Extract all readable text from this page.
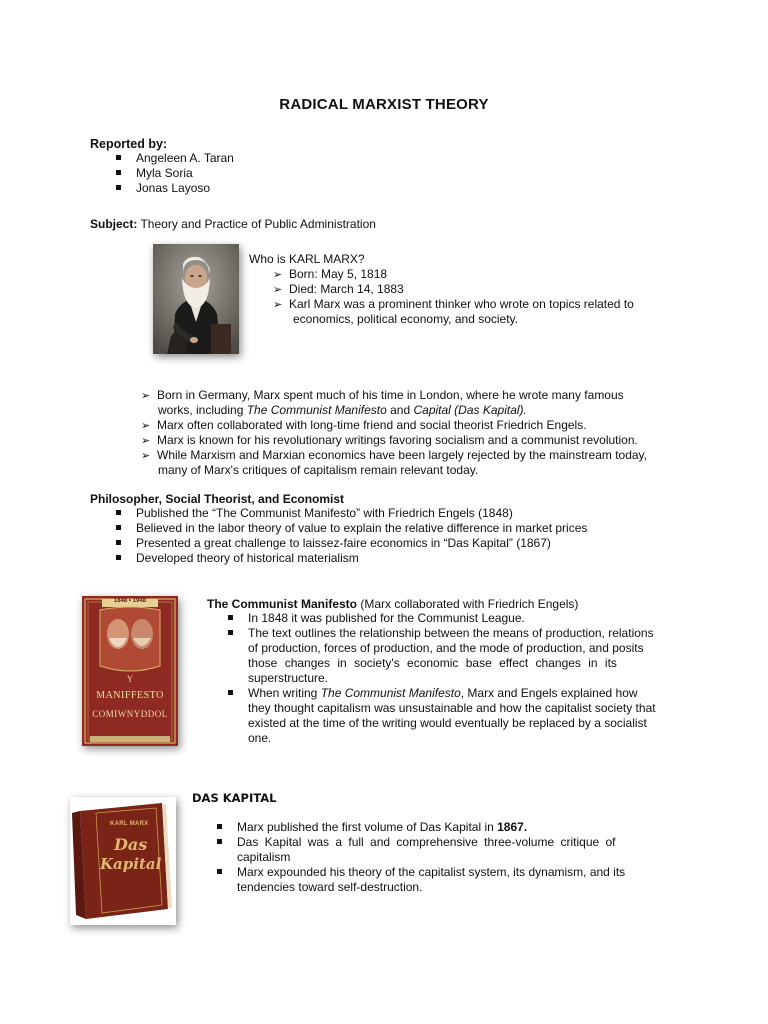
RADICAL MARXIST THEORY
Reported by:
Angeleen A. Taran
Myla Soria
Jonas Layoso
Subject: Theory and Practice of Public Administration
Who is KARL MARX?
➢ Born: May 5, 1818
➢ Died: March 14, 1883
➢ Karl Marx was a prominent thinker who wrote on topics related to
economics, political economy, and society.
➢ Born in Germany, Marx spent much of his time in London, where he wrote many famous
works, including The Communist Manifesto and Capital (Das Kapital).
➢ Marx often collaborated with long-time friend and social theorist Friedrich Engels.
➢ Marx is known for his revolutionary writings favoring socialism and a communist revolution.
➢ While Marxism and Marxian economics have been largely rejected by the mainstream today,
many of Marx's critiques of capitalism remain relevant today.
Philosopher, Social Theorist, and Economist
Published the “The Communist Manifesto” with Friedrich Engels (1848)
Believed in the labor theory of value to explain the relative difference in market prices
Presented a great challenge to laissez-faire economics in “Das Kapital” (1867)
Developed theory of historical materialism
1848 • 1948
Y
MANIFFESTO
COMIWNYDDOL
The Communist Manifesto (Marx collaborated with Friedrich Engels)
In 1848 it was published for the Communist League.
The text outlines the relationship between the means of production, relations
of production, forces of production, and the mode of production, and posits
those changes in society's economic base effect changes in its
superstructure.
When writing The Communist Manifesto, Marx and Engels explained how
they thought capitalism was unsustainable and how the capitalist society that
existed at the time of the writing would eventually be replaced by a socialist
one.
KARL MARX
Das
Kapital
DAS KAPITAL
Marx published the first volume of Das Kapital in 1867.
Das Kapital was a full and comprehensive three-volume critique of
capitalism
Marx expounded his theory of the capitalist system, its dynamism, and its
tendencies toward self-destruction.
